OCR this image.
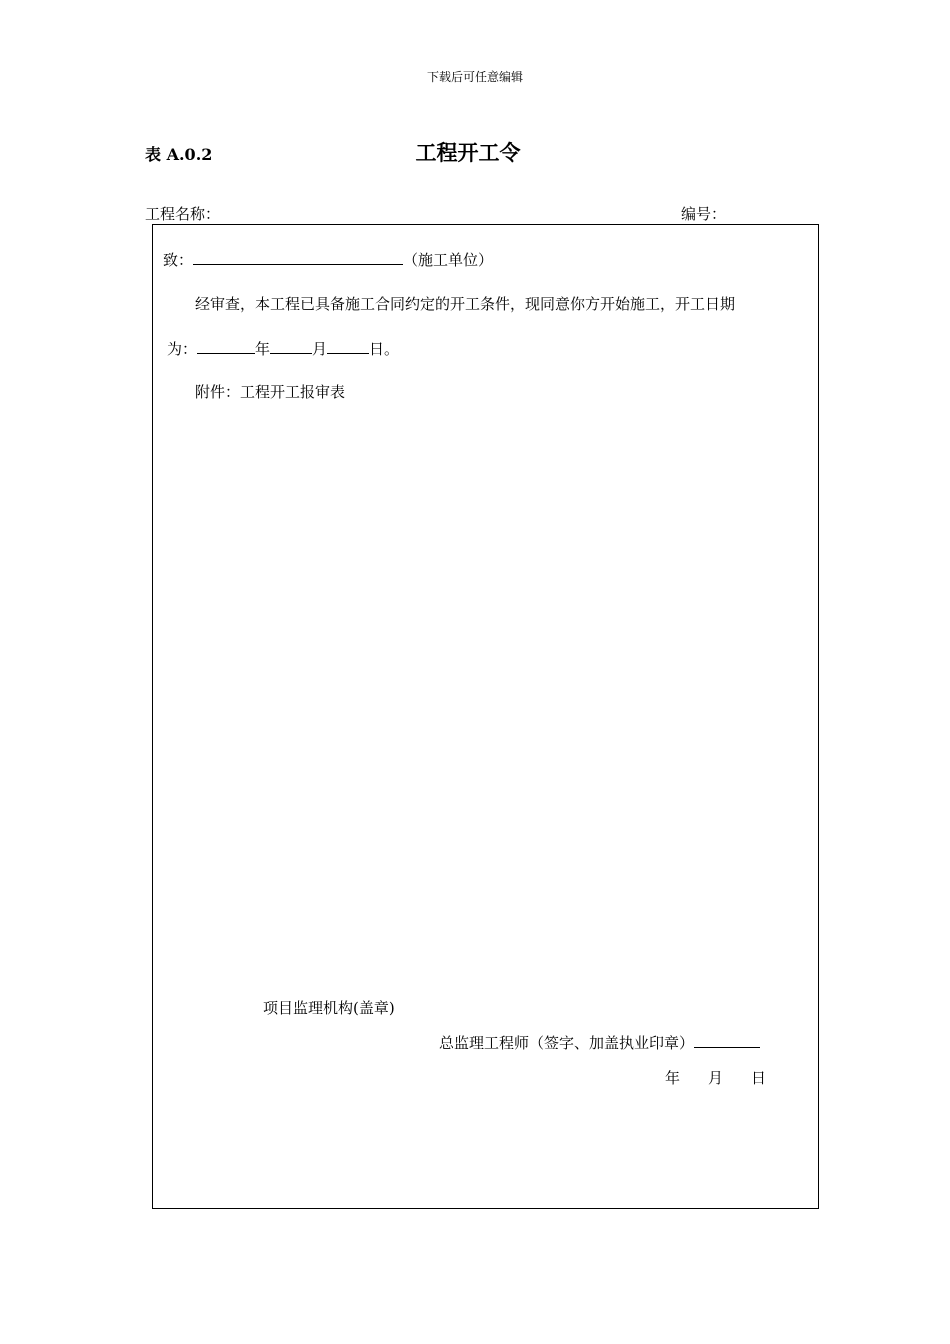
下载后可任意编辑
表 A.0.2	工程开工令
工程名称：	编号：
致：	（施工单位）
经审查，本工程已具备施工合同约定的开工条件，现同意你方开始施工，开工日期
为：	年	月	日。
附件：工程开工报审表
项目监理机构(盖章)
总监理工程师（签字、加盖执业印章）
年 月 日
